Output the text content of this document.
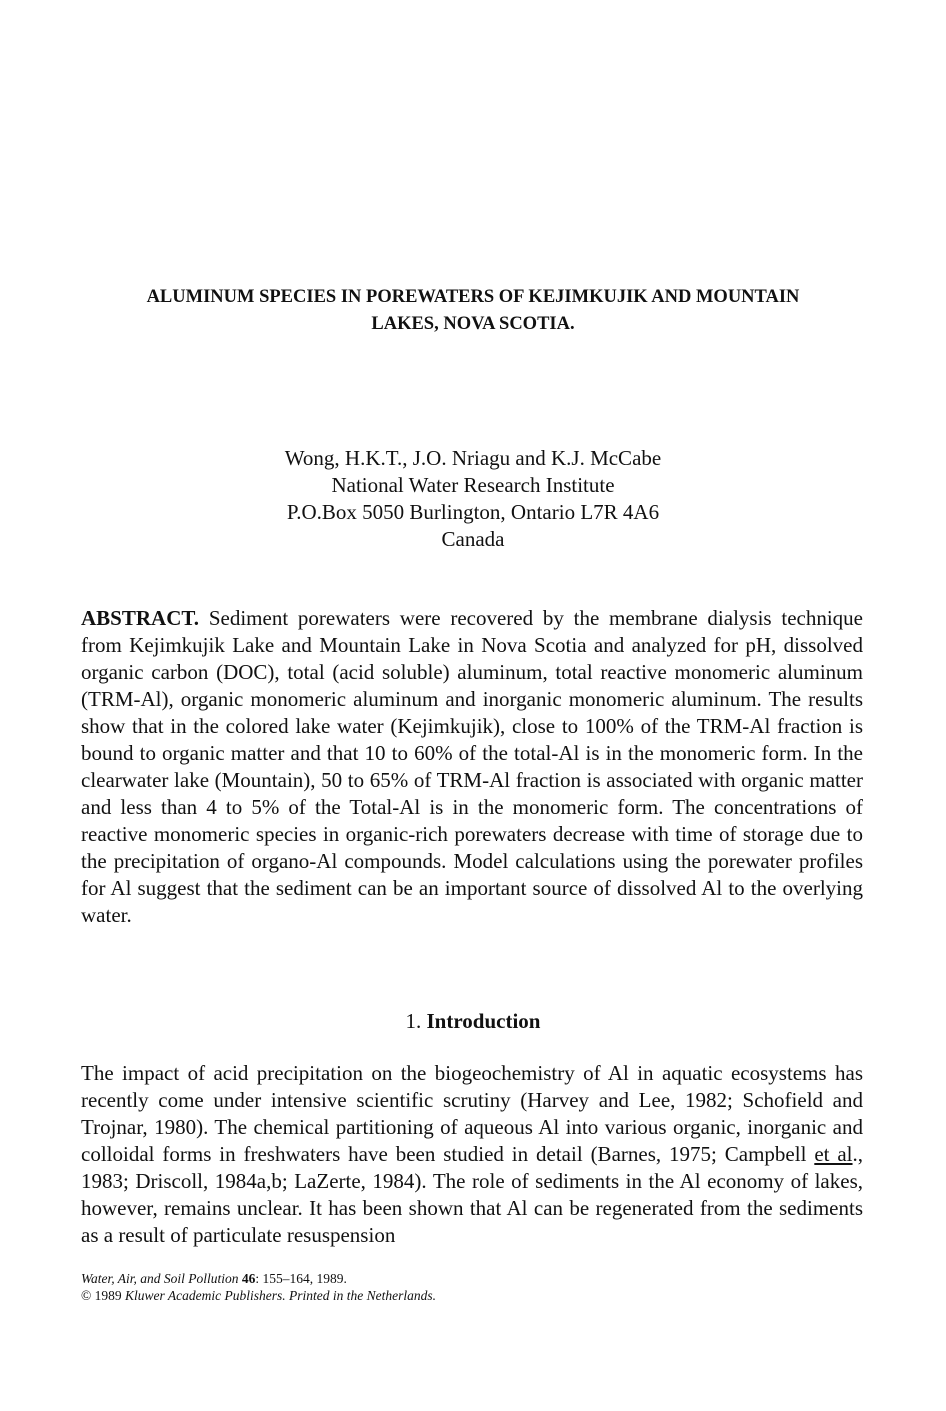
ALUMINUM SPECIES IN POREWATERS OF KEJIMKUJIK AND MOUNTAIN
LAKES, NOVA SCOTIA.
Wong, H.K.T., J.O. Nriagu and K.J. McCabe
National Water Research Institute
P.O.Box 5050 Burlington, Ontario L7R 4A6
Canada

ABSTRACT. Sediment porewaters were recovered by the membrane dialysis technique from Kejimkujik Lake and Mountain Lake in Nova Scotia and analyzed for pH, dissolved organic carbon (DOC), total (acid soluble) aluminum, total reactive monomeric aluminum (TRM-Al), organic monomeric aluminum and inorganic monomeric aluminum. The results show that in the colored lake water (Kejimkujik), close to 100% of the TRM-Al fraction is bound to organic matter and that 10 to 60% of the total-Al is in the monomeric form. In the clearwater lake (Mountain), 50 to 65% of TRM-Al fraction is associated with organic matter and less than 4 to 5% of the Total-Al is in the monomeric form. The concentrations of reactive monomeric species in organic-rich porewaters decrease with time of storage due to the precipitation of organo-Al compounds. Model calculations using the porewater profiles for Al suggest that the sediment can be an important source of dissolved Al to the overlying water.

1. Introduction

The impact of acid precipitation on the biogeochemistry of Al in aquatic ecosystems has recently come under intensive scientific scrutiny (Harvey and Lee, 1982; Schofield and Trojnar, 1980). The chemical partitioning of aqueous Al into various organic, inorganic and colloidal forms in freshwaters have been studied in detail (Barnes, 1975; Campbell et al., 1983; Driscoll, 1984a,b; LaZerte, 1984). The role of sediments in the Al economy of lakes, however, remains unclear. It has been shown that Al can be regenerated from the sediments as a result of particulate resuspension

Water, Air, and Soil Pollution 46: 155–164, 1989.
© 1989 Kluwer Academic Publishers. Printed in the Netherlands.
